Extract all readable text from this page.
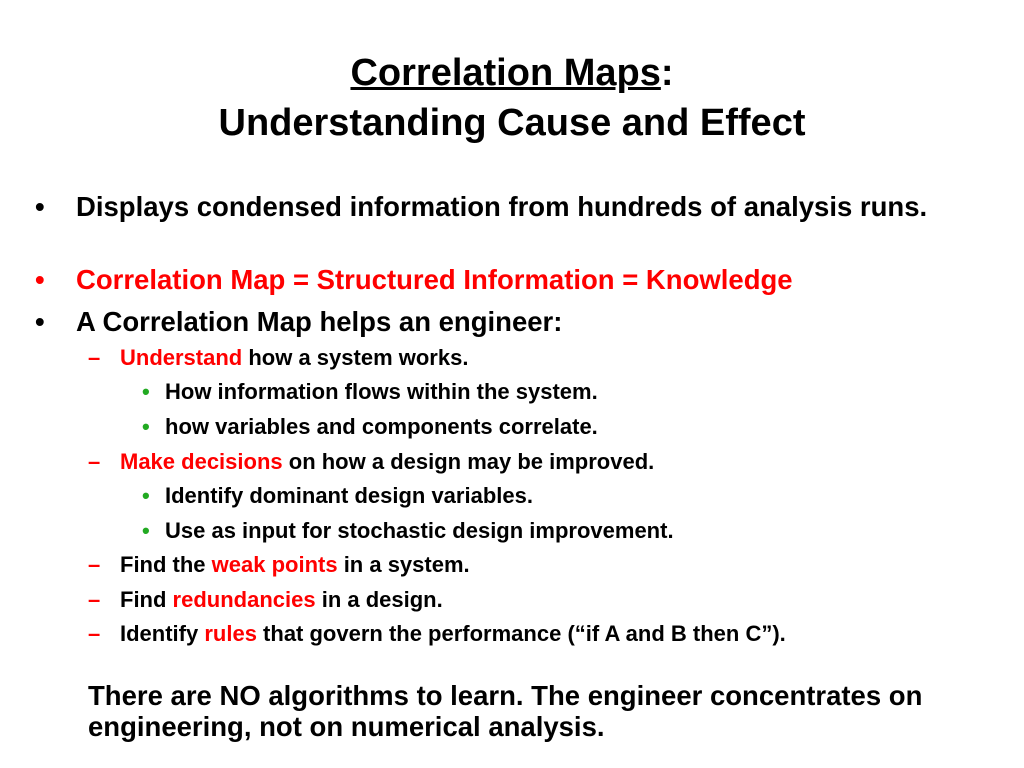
Correlation Maps:
Understanding Cause and Effect
• Displays condensed information from hundreds of analysis runs.
• Correlation Map = Structured Information = Knowledge
• A Correlation Map helps an engineer:
– Understand how a system works.
• How information flows within the system.
• how variables and components correlate.
– Make decisions on how a design may be improved.
• Identify dominant design variables.
• Use as input for stochastic design improvement.
– Find the weak points in a system.
– Find redundancies in a design.
– Identify rules that govern the performance (“if A and B then C”).
There are NO algorithms to learn. The engineer concentrates on engineering, not on numerical analysis.
